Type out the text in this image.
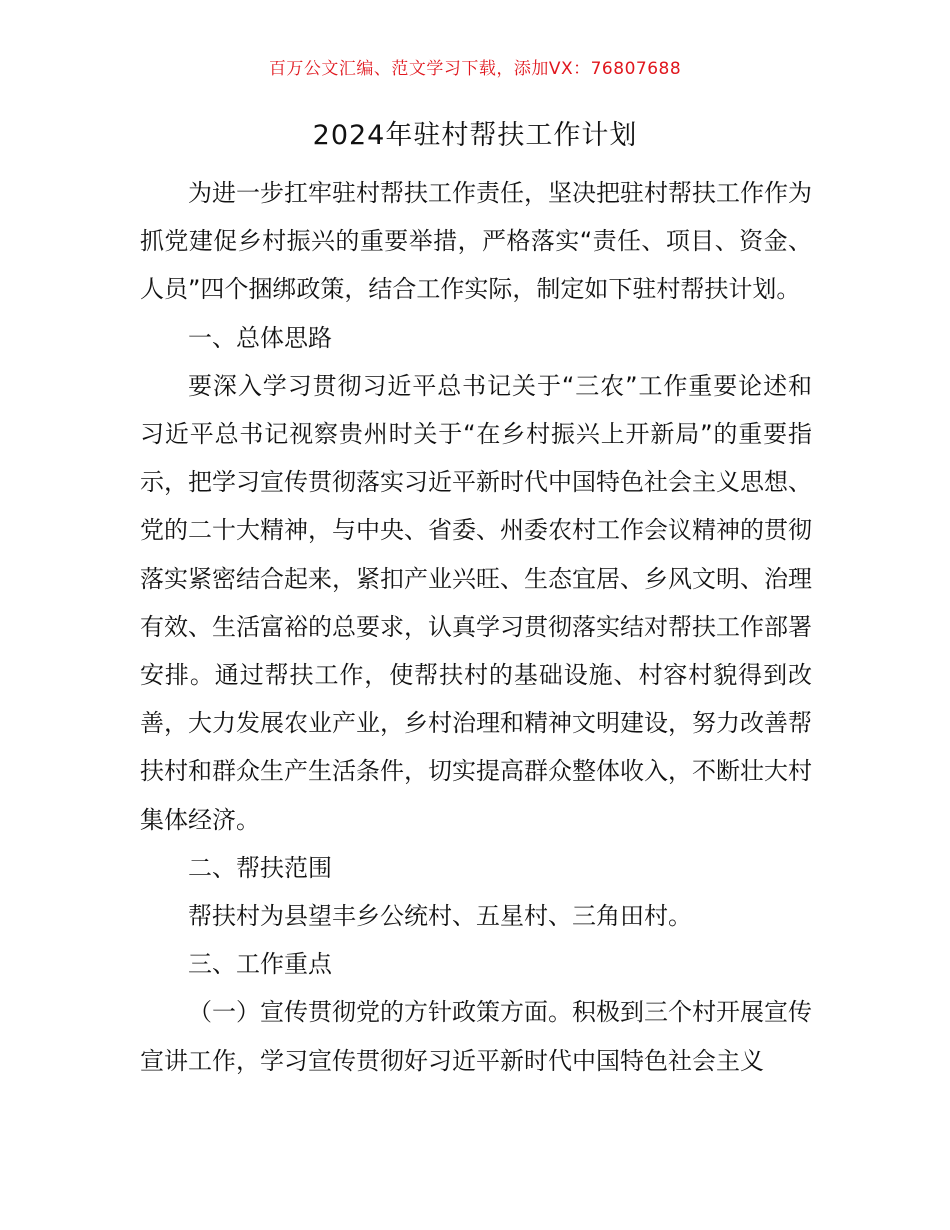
百万公文汇编、范文学习下载，添加VX：76807688
2024年驻村帮扶工作计划

为进一步扛牢驻村帮扶工作责任，坚决把驻村帮扶工作作为抓党建促乡村振兴的重要举措，严格落实“责任、项目、资金、人员”四个捆绑政策，结合工作实际，制定如下驻村帮扶计划。

一、总体思路

要深入学习贯彻习近平总书记关于“三农”工作重要论述和习近平总书记视察贵州时关于“在乡村振兴上开新局”的重要指示，把学习宣传贯彻落实习近平新时代中国特色社会主义思想、党的二十大精神，与中央、省委、州委农村工作会议精神的贯彻落实紧密结合起来，紧扣产业兴旺、生态宜居、乡风文明、治理有效、生活富裕的总要求，认真学习贯彻落实结对帮扶工作部署安排。通过帮扶工作，使帮扶村的基础设施、村容村貌得到改善，大力发展农业产业，乡村治理和精神文明建设，努力改善帮扶村和群众生产生活条件，切实提高群众整体收入，不断壮大村集体经济。

二、帮扶范围

帮扶村为县望丰乡公统村、五星村、三角田村。

三、工作重点

（一）宣传贯彻党的方针政策方面。积极到三个村开展宣传宣讲工作，学习宣传贯彻好习近平新时代中国特色社会主义
